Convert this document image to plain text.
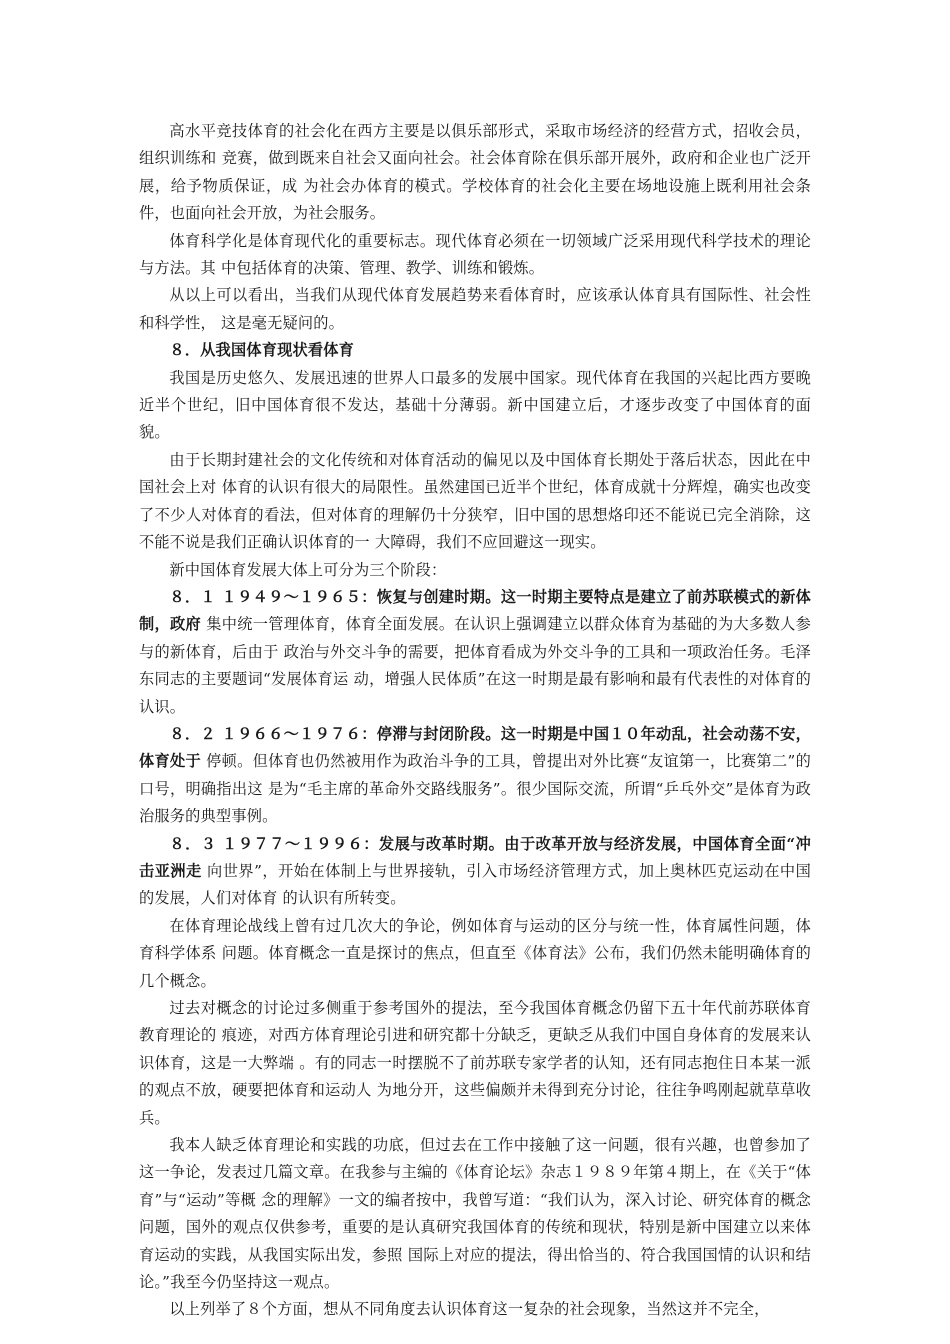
高水平竞技体育的社会化在西方主要是以俱乐部形式，采取市场经济的经营方式，招收会员，组织训练和 竞赛，做到既来自社会又面向社会。社会体育除在俱乐部开展外，政府和企业也广泛开展，给予物质保证，成 为社会办体育的模式。学校体育的社会化主要在场地设施上既利用社会条件，也面向社会开放，为社会服务。

体育科学化是体育现代化的重要标志。现代体育必须在一切领域广泛采用现代科学技术的理论与方法。其 中包括体育的决策、管理、教学、训练和锻炼。

从以上可以看出，当我们从现代体育发展趋势来看体育时，应该承认体育具有国际性、社会性和科学性， 这是毫无疑问的。

８．从我国体育现状看体育

我国是历史悠久、发展迅速的世界人口最多的发展中国家。现代体育在我国的兴起比西方要晚近半个世纪，旧中国体育很不发达，基础十分薄弱。新中国建立后，才逐步改变了中国体育的面貌。

由于长期封建社会的文化传统和对体育活动的偏见以及中国体育长期处于落后状态，因此在中国社会上对 体育的认识有很大的局限性。虽然建国已近半个世纪，体育成就十分辉煌，确实也改变了不少人对体育的看法，但对体育的理解仍十分狭窄，旧中国的思想烙印还不能说已完全消除，这不能不说是我们正确认识体育的一 大障碍，我们不应回避这一现实。

新中国体育发展大体上可分为三个阶段：

８．１ １９４９～１９６５：恢复与创建时期。这一时期主要特点是建立了前苏联模式的新体制，政府 集中统一管理体育，体育全面发展。在认识上强调建立以群众体育为基础的为大多数人参与的新体育，后由于 政治与外交斗争的需要，把体育看成为外交斗争的工具和一项政治任务。毛泽东同志的主要题词“发展体育运 动，增强人民体质”在这一时期是最有影响和最有代表性的对体育的认识。

８．２ １９６６～１９７６：停滞与封闭阶段。这一时期是中国１０年动乱，社会动荡不安，体育处于 停顿。但体育也仍然被用作为政治斗争的工具，曾提出对外比赛“友谊第一，比赛第二”的口号，明确指出这 是为“毛主席的革命外交路线服务”。很少国际交流，所谓“乒乓外交”是体育为政治服务的典型事例。

８．３ １９７７～１９９６：发展与改革时期。由于改革开放与经济发展，中国体育全面“冲击亚洲走 向世界”，开始在体制上与世界接轨，引入市场经济管理方式，加上奥林匹克运动在中国的发展，人们对体育 的认识有所转变。

在体育理论战线上曾有过几次大的争论，例如体育与运动的区分与统一性，体育属性问题，体育科学体系 问题。体育概念一直是探讨的焦点，但直至《体育法》公布，我们仍然未能明确体育的几个概念。

过去对概念的讨论过多侧重于参考国外的提法，至今我国体育概念仍留下五十年代前苏联体育教育理论的 痕迹，对西方体育理论引进和研究都十分缺乏，更缺乏从我们中国自身体育的发展来认识体育，这是一大弊端 。有的同志一时摆脱不了前苏联专家学者的认知，还有同志抱住日本某一派的观点不放，硬要把体育和运动人 为地分开，这些偏颇并未得到充分讨论，往往争鸣刚起就草草收兵。

我本人缺乏体育理论和实践的功底，但过去在工作中接触了这一问题，很有兴趣，也曾参加了这一争论，发表过几篇文章。在我参与主编的《体育论坛》杂志１９８９年第４期上，在《关于“体育”与“运动”等概 念的理解》一文的编者按中，我曾写道：“我们认为，深入讨论、研究体育的概念问题，国外的观点仅供参考，重要的是认真研究我国体育的传统和现状，特别是新中国建立以来体育运动的实践，从我国实际出发，参照 国际上对应的提法，得出恰当的、符合我国国情的认识和结论。”我至今仍坚持这一观点。

以上列举了８个方面，想从不同角度去认识体育这一复杂的社会现象，当然这并不完全，
